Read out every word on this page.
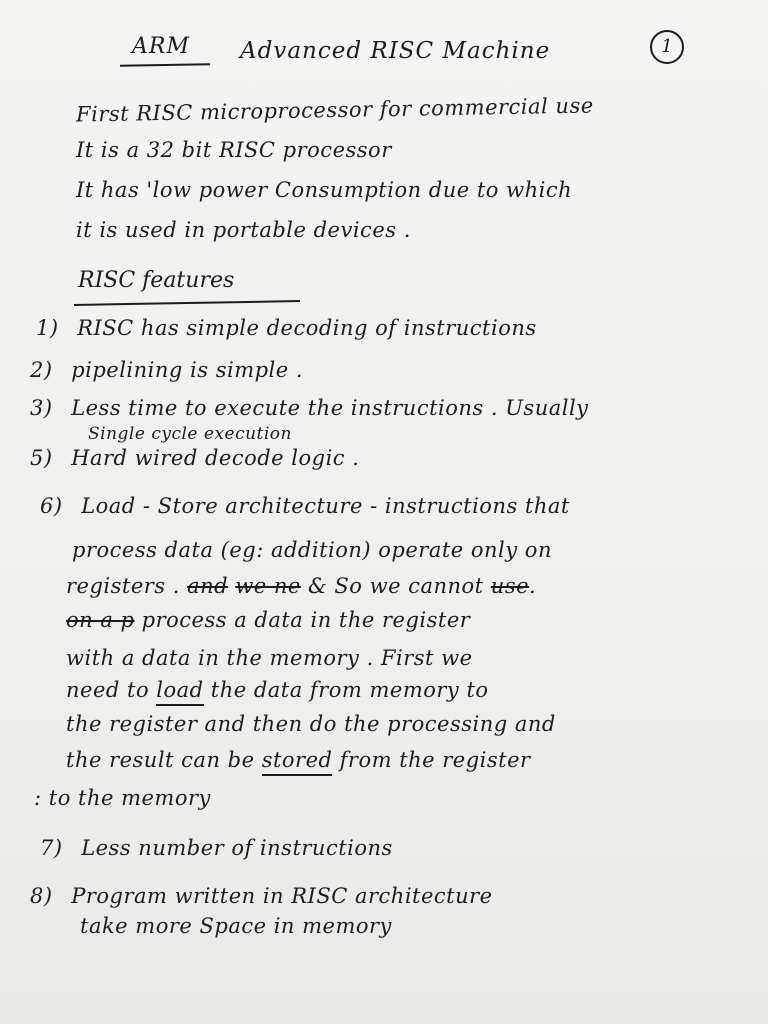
ARM Advanced RISC Machine	1
First RISC microprocessor for commercial use
It is a 32 bit RISC processor
It has 'low power Consumption due to which
it is used in portable devices .
RISC features
1) RISC has simple decoding of instructions
2) pipelining is simple .
3) Less time to execute the instructions . Usually
Single cycle execution
5) Hard wired decode logic .
6) Load - Store architecture - instructions that
process data (eg: addition) operate only on
registers . and we ne & So we cannot use.
on a p process a data in the register
with a data in the memory . First we
need to load the data from memory to
the register and then do the processing and
the result can be stored from the register
: to the memory
7) Less number of instructions
8) Program written in RISC architecture
take more Space in memory
